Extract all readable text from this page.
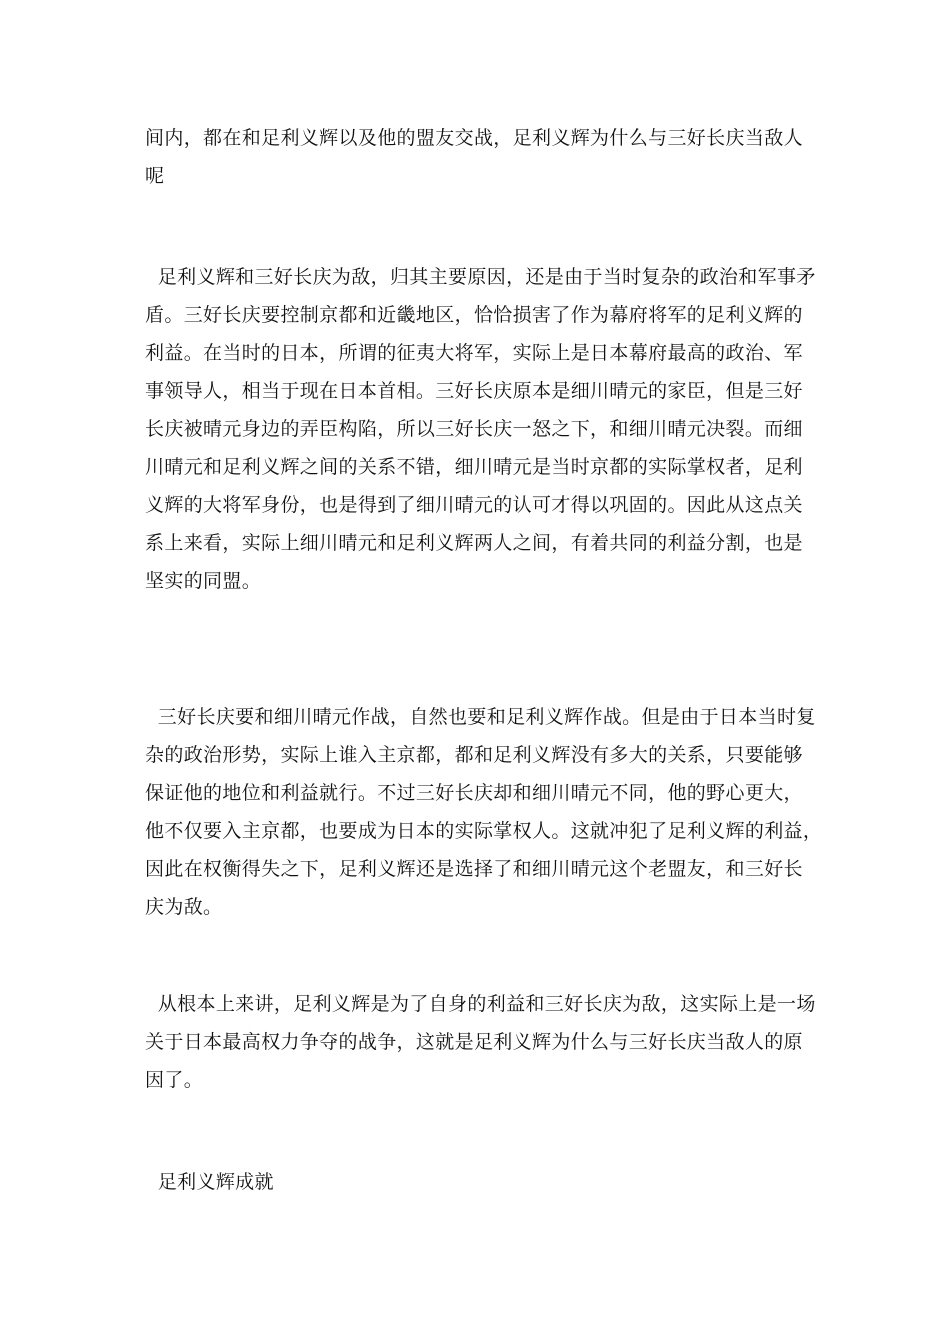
间内，都在和足利义辉以及他的盟友交战，足利义辉为什么与三好长庆当敌人
呢
足利义辉和三好长庆为敌，归其主要原因，还是由于当时复杂的政治和军事矛
盾。三好长庆要控制京都和近畿地区，恰恰损害了作为幕府将军的足利义辉的
利益。在当时的日本，所谓的征夷大将军，实际上是日本幕府最高的政治、军
事领导人，相当于现在日本首相。三好长庆原本是细川晴元的家臣，但是三好
长庆被晴元身边的弄臣构陷，所以三好长庆一怒之下，和细川晴元决裂。而细
川晴元和足利义辉之间的关系不错，细川晴元是当时京都的实际掌权者，足利
义辉的大将军身份，也是得到了细川晴元的认可才得以巩固的。因此从这点关
系上来看，实际上细川晴元和足利义辉两人之间，有着共同的利益分割，也是
坚实的同盟。
三好长庆要和细川晴元作战，自然也要和足利义辉作战。但是由于日本当时复
杂的政治形势，实际上谁入主京都，都和足利义辉没有多大的关系，只要能够
保证他的地位和利益就行。不过三好长庆却和细川晴元不同，他的野心更大，
他不仅要入主京都，也要成为日本的实际掌权人。这就冲犯了足利义辉的利益，
因此在权衡得失之下，足利义辉还是选择了和细川晴元这个老盟友，和三好长
庆为敌。
从根本上来讲，足利义辉是为了自身的利益和三好长庆为敌，这实际上是一场
关于日本最高权力争夺的战争，这就是足利义辉为什么与三好长庆当敌人的原
因了。
足利义辉成就
